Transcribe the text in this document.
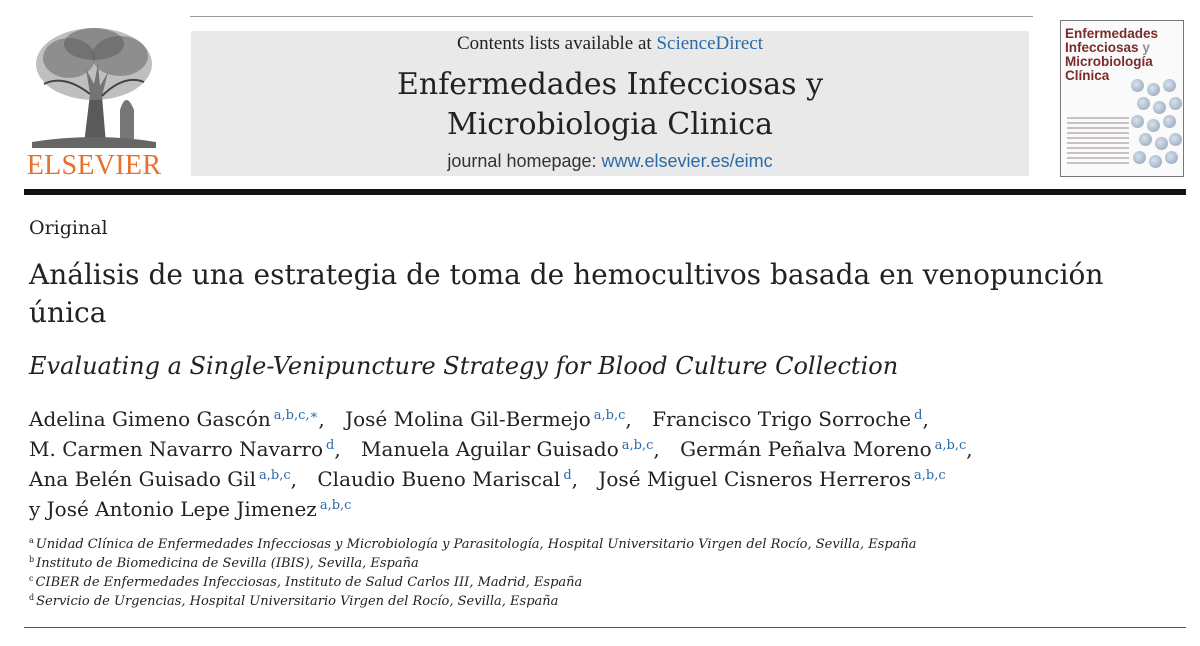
ELSEVIER
Contents lists available at ScienceDirect
Enfermedades Infecciosas y
Microbiologia Clinica
journal homepage: www.elsevier.es/eimc
Enfermedades
Infecciosas y
Microbiología
Clínica
Original
Análisis de una estrategia de toma de hemocultivos basada en venopunción
única
Evaluating a Single-Venipuncture Strategy for Blood Culture Collection
Adelina Gimeno Gascón $^{a,b,c,∗}$, José Molina Gil-Bermejo $^{a,b,c}$, Francisco Trigo Sorroche $^d$,
M. Carmen Navarro Navarro $^d$, Manuela Aguilar Guisado $^{a,b,c}$, Germán Peñalva Moreno $^{a,b,c}$,
Ana Belén Guisado Gil $^{a,b,c}$, Claudio Bueno Mariscal $^d$, José Miguel Cisneros Herreros $^{a,b,c}$
y José Antonio Lepe Jimenez $^{a,b,c}$
$^a$ Unidad Clínica de Enfermedades Infecciosas y Microbiología y Parasitología, Hospital Universitario Virgen del Rocío, Sevilla, España
$^b$ Instituto de Biomedicina de Sevilla (IBIS), Sevilla, España
$^c$ CIBER de Enfermedades Infecciosas, Instituto de Salud Carlos III, Madrid, España
$^d$ Servicio de Urgencias, Hospital Universitario Virgen del Rocío, Sevilla, España
